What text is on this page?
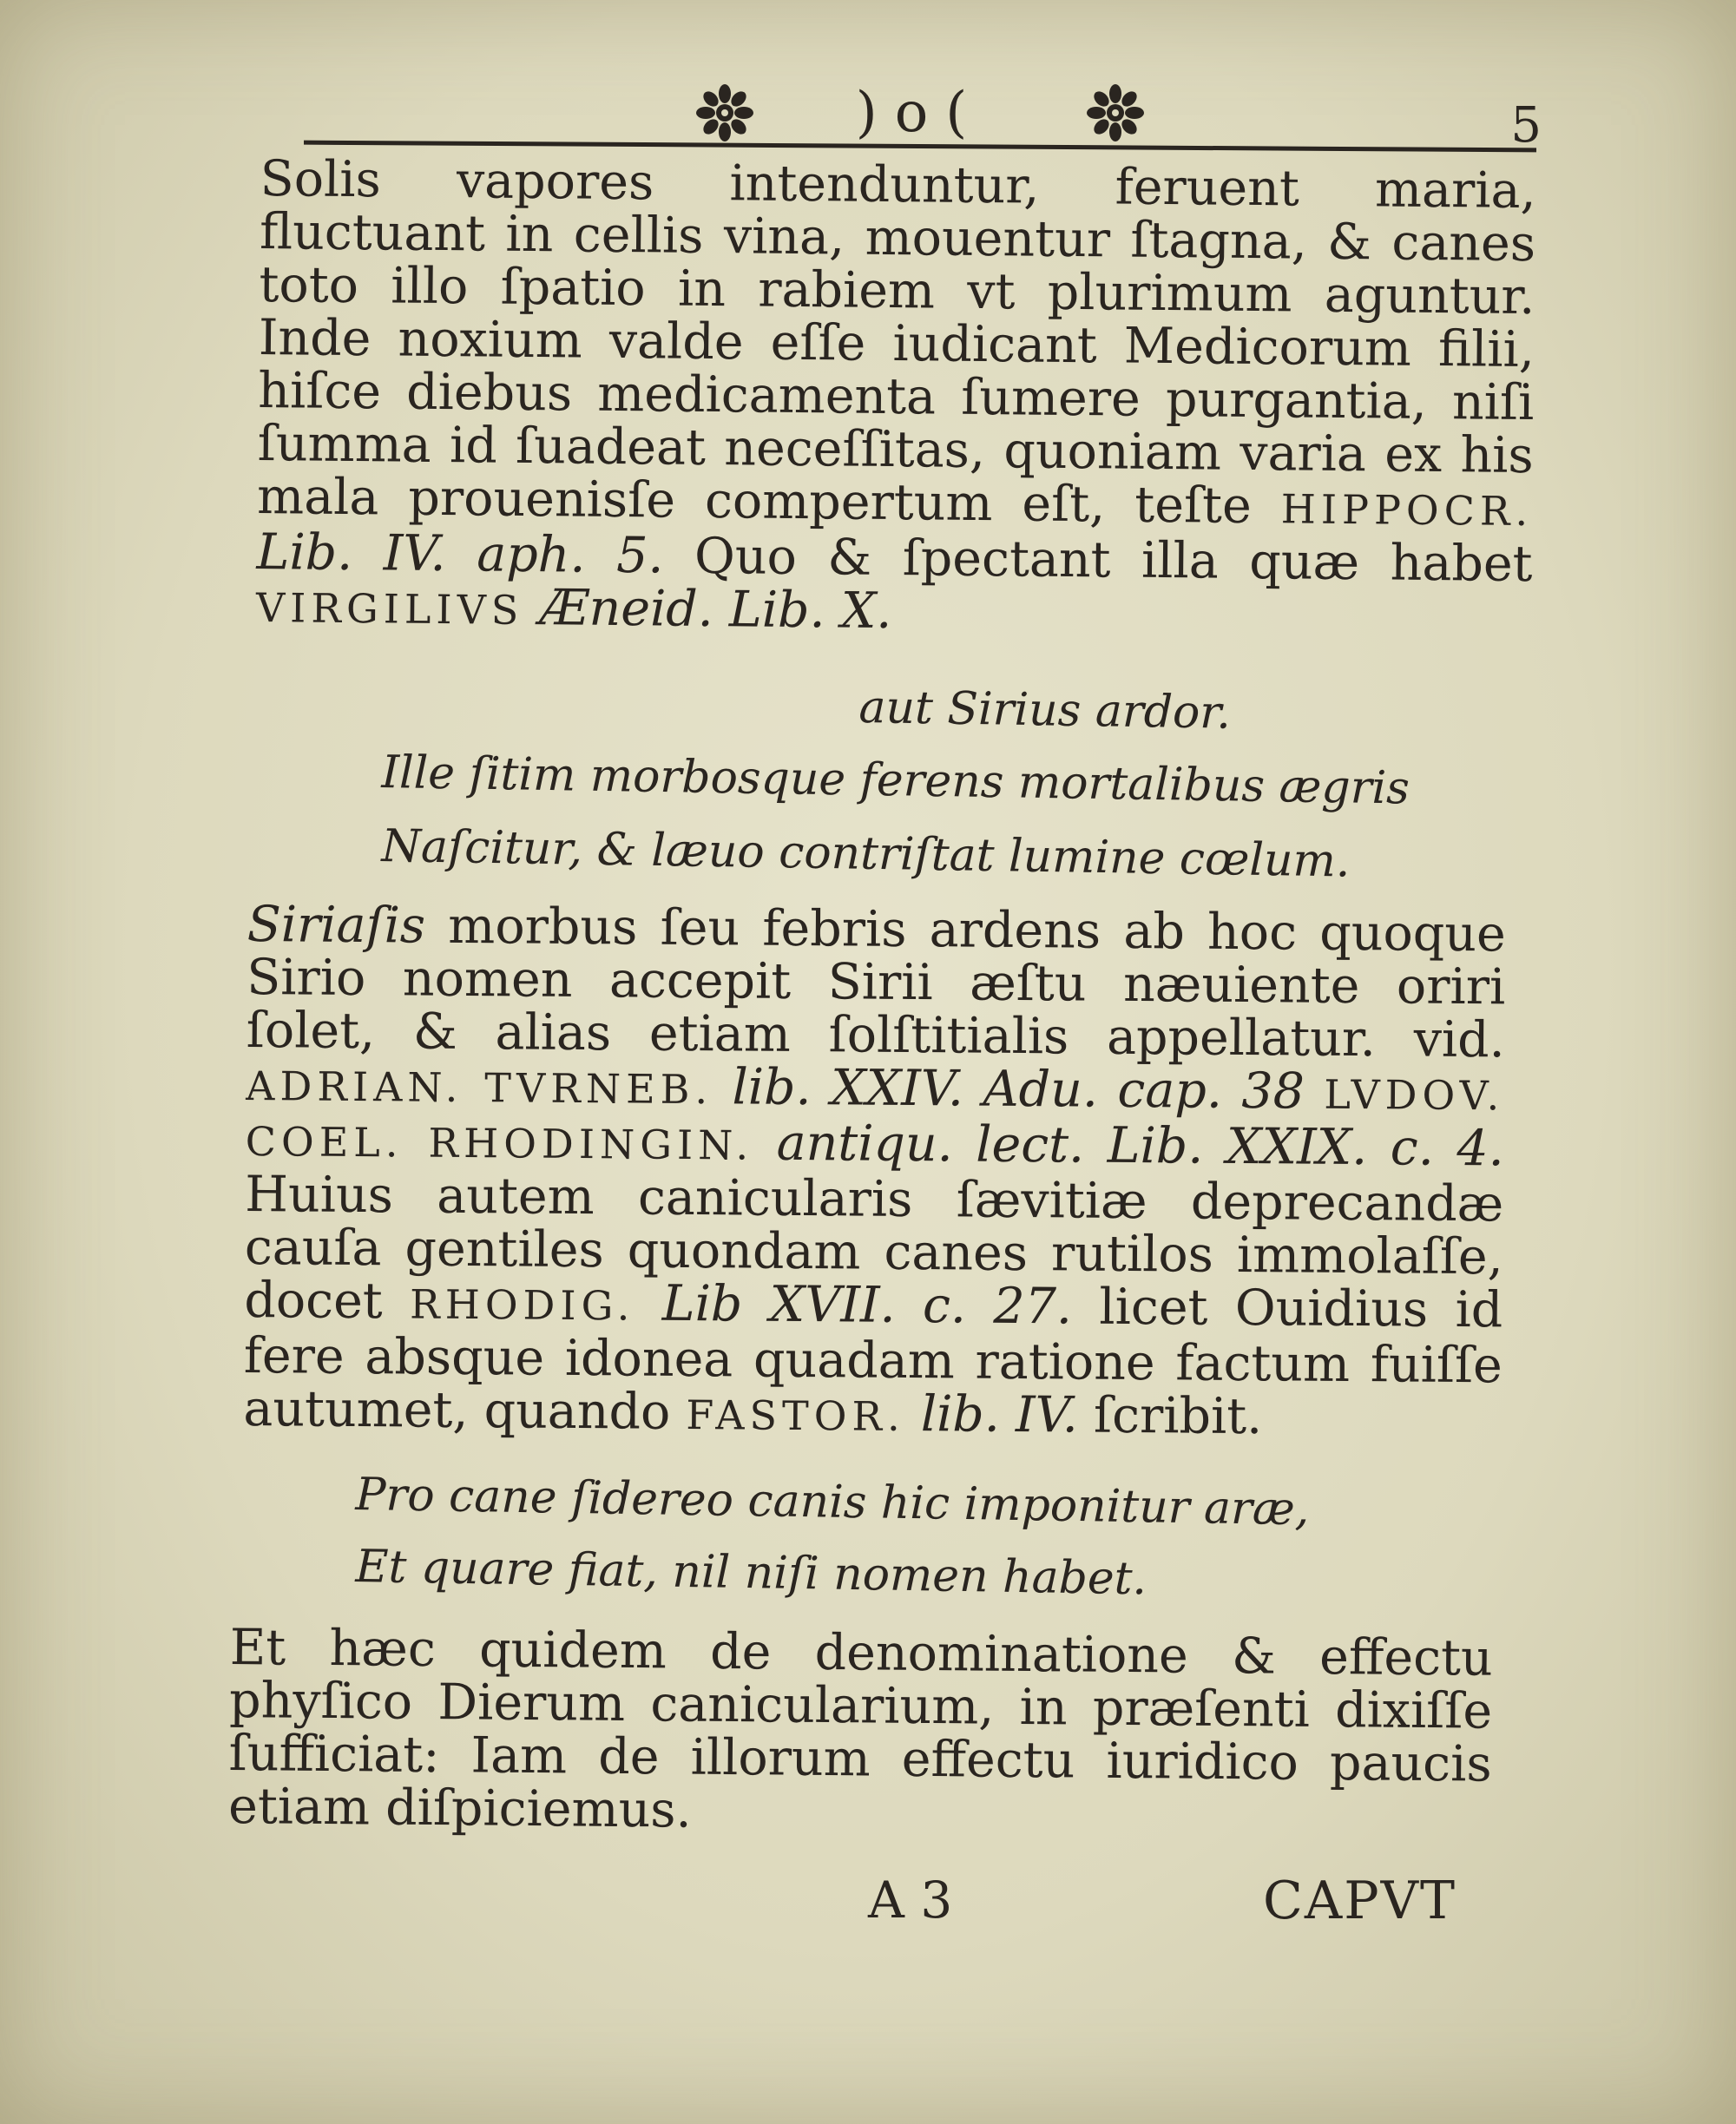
)o(	5
Solis vapores intenduntur, feruent maria, fluctuant in cellis vina, mouentur ſtagna, & canes toto illo ſpatio in rabiem vt plurimum aguntur. Inde noxium valde eſſe iudicant Medicorum filii, hiſce diebus medicamenta ſumere purgantia, niſi ſumma id ſuadeat neceſſitas, quoniam varia ex his mala prouenisſe compertum eſt, teſte HIPPOCR. Lib. IV. aph. 5. Quo & ſpectant illa quæ habet VIRGILIVS Æneid. Lib. X.
aut Sirius ardor.
Ille ſitim morbosque ferens mortalibus ægris
Naſcitur, & læuo contriſtat lumine cœlum.
Siriaſis morbus ſeu febris ardens ab hoc quoque Sirio nomen accepit Sirii æſtu næuiente oriri ſolet, & alias etiam ſolſtitialis appellatur. vid. ADRIAN. TVRNEB. lib. XXIV. Adu. cap. 38 LVDOV. COEL. RHODINGIN. antiqu. lect. Lib. XXIX. c. 4. Huius autem canicularis ſævitiæ deprecandæ cauſa gentiles quondam canes rutilos immolaſſe, docet RHODIG. Lib XVII. c. 27. licet Ouidius id fere absque idonea quadam ratione factum fuiſſe autumet, quando FASTOR. lib. IV. ſcribit.
Pro cane ſidereo canis hic imponitur aræ,
Et quare fiat, nil niſi nomen habet.
Et hæc quidem de denominatione & effectu phyſico Dierum canicularium, in præſenti dixiſſe ſufficiat: Iam de illorum effectu iuridico paucis etiam diſpiciemus.
A 3	CAPVT
